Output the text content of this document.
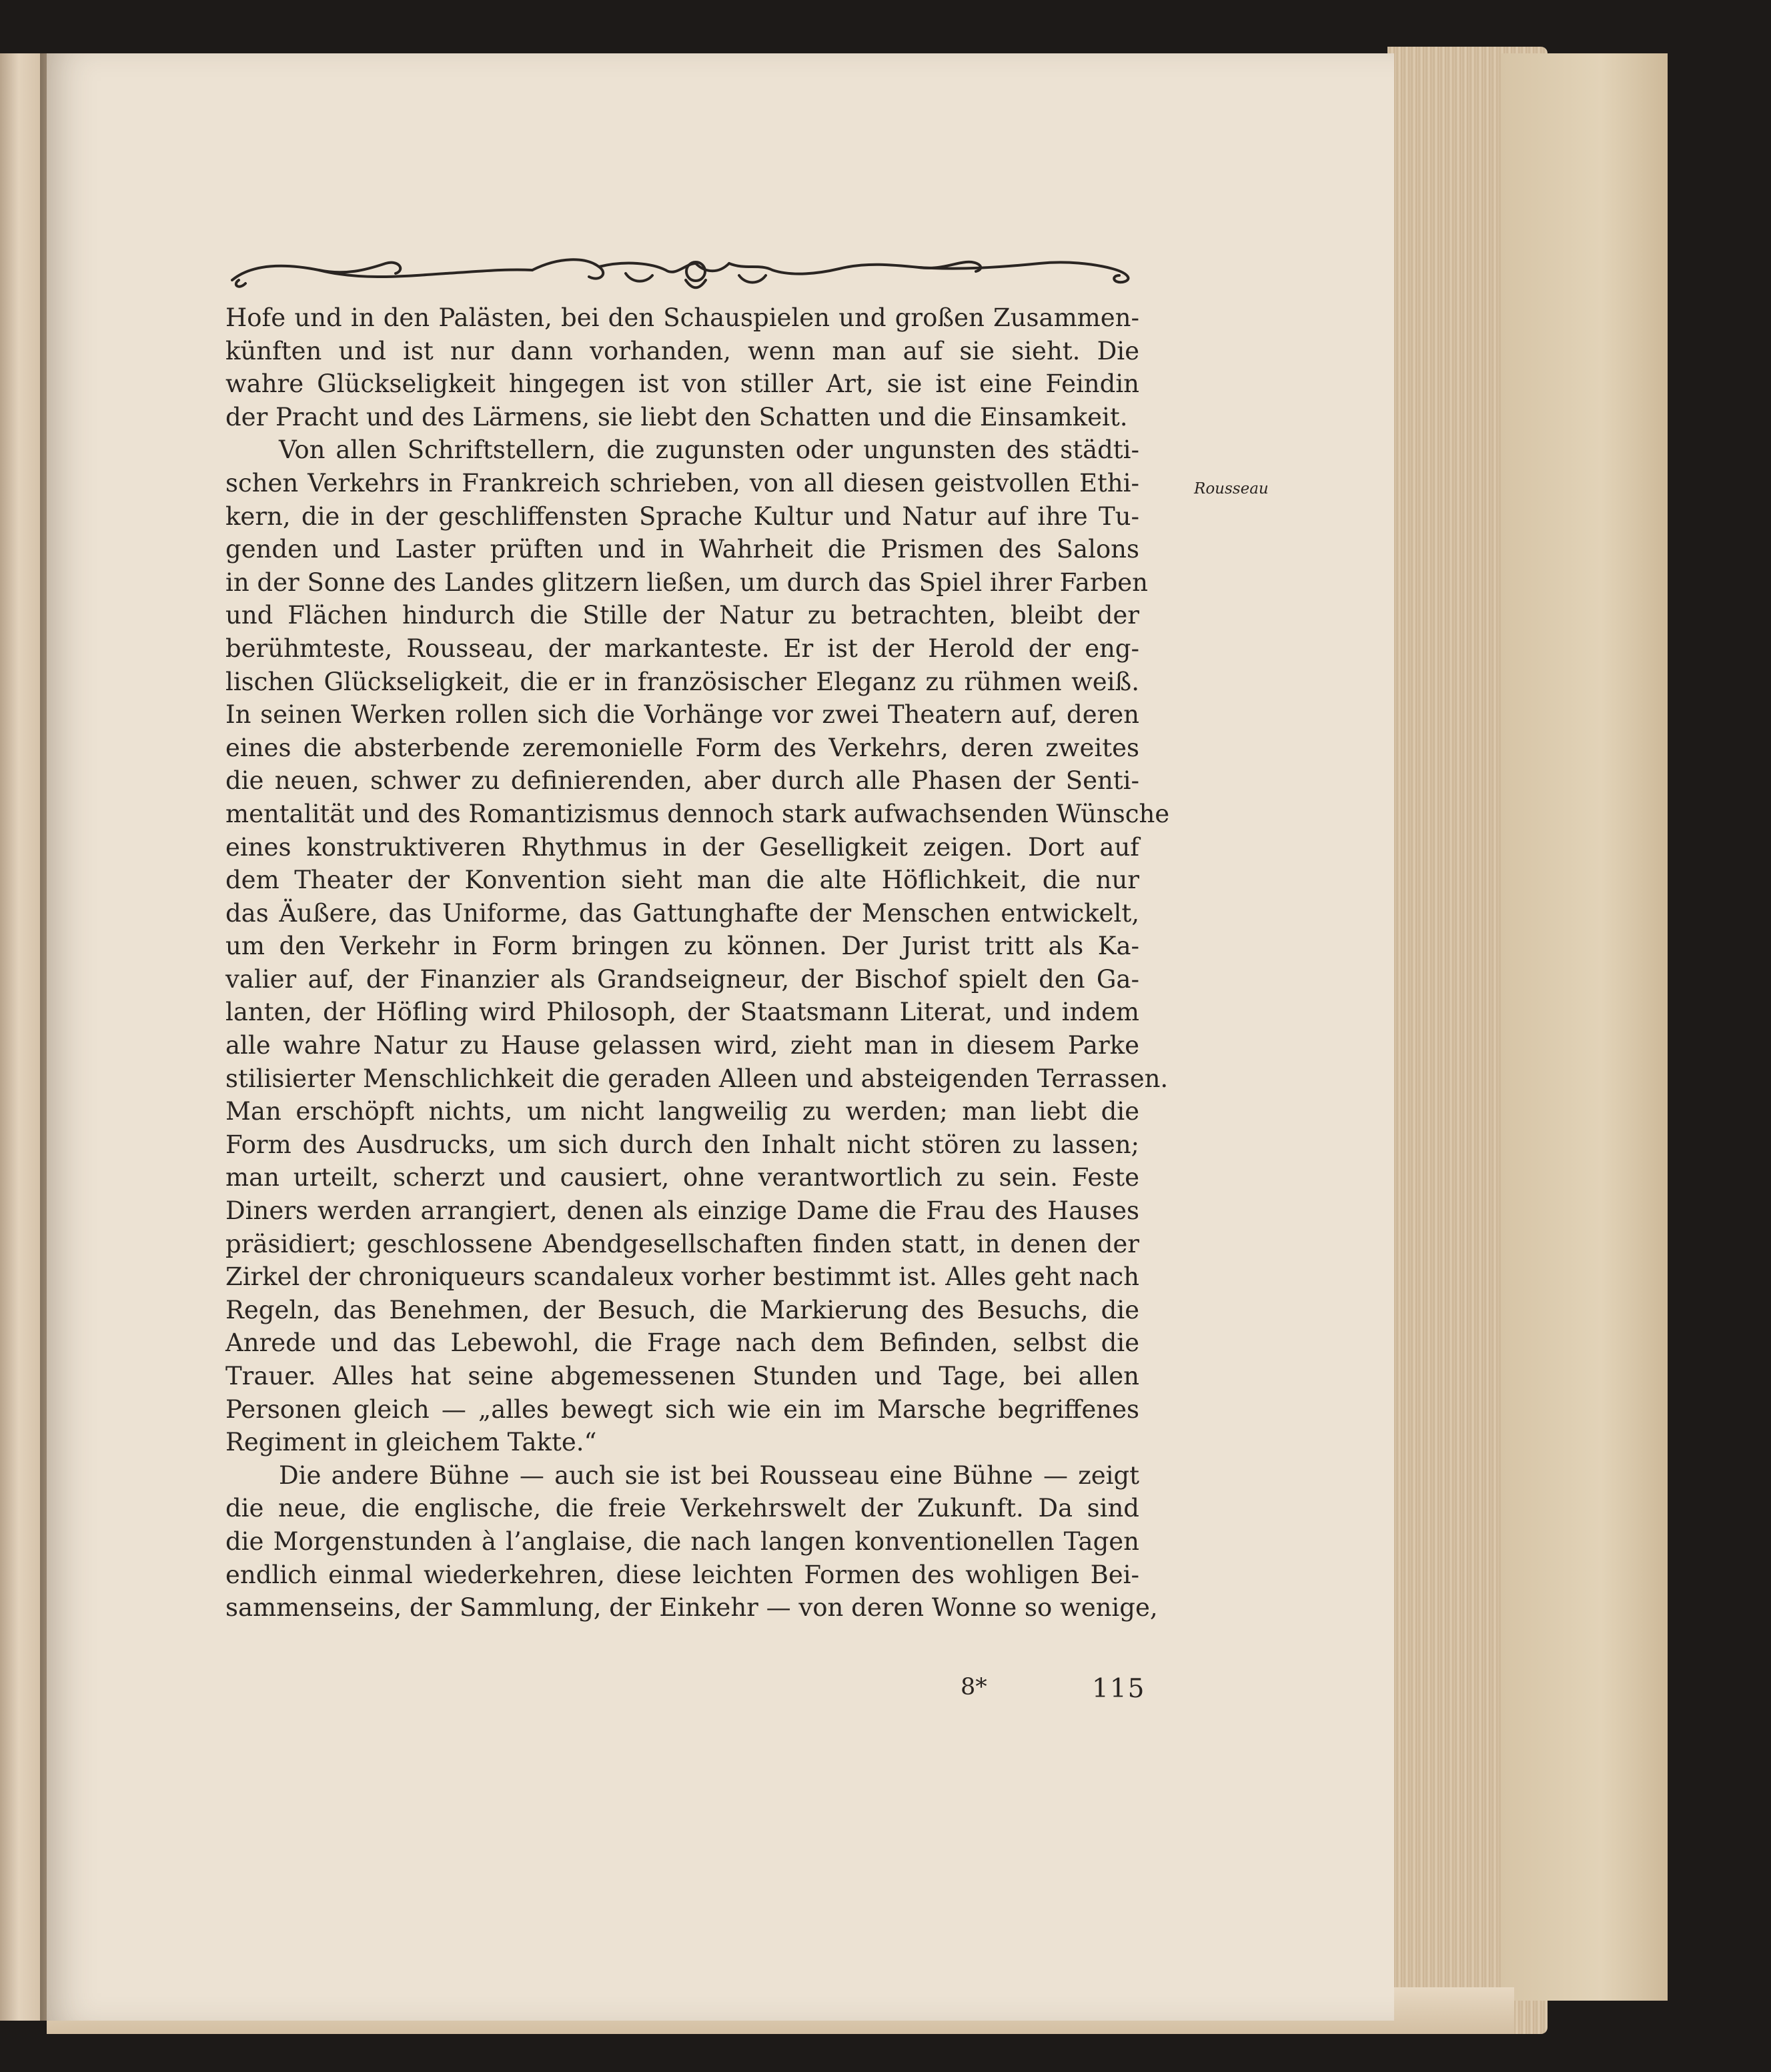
Hofe und in den Palästen, bei den Schauspielen und großen Zusammen-
künften und ist nur dann vorhanden, wenn man auf sie sieht. Die
wahre Glückseligkeit hingegen ist von stiller Art, sie ist eine Feindin
der Pracht und des Lärmens, sie liebt den Schatten und die Einsamkeit.
Von allen Schriftstellern, die zugunsten oder ungunsten des städti-
schen Verkehrs in Frankreich schrieben, von all diesen geistvollen Ethi-
kern, die in der geschliffensten Sprache Kultur und Natur auf ihre Tu-
genden und Laster prüften und in Wahrheit die Prismen des Salons
in der Sonne des Landes glitzern ließen, um durch das Spiel ihrer Farben
und Flächen hindurch die Stille der Natur zu betrachten, bleibt der
berühmteste, Rousseau, der markanteste. Er ist der Herold der eng-
lischen Glückseligkeit, die er in französischer Eleganz zu rühmen weiß.
In seinen Werken rollen sich die Vorhänge vor zwei Theatern auf, deren
eines die absterbende zeremonielle Form des Verkehrs, deren zweites
die neuen, schwer zu definierenden, aber durch alle Phasen der Senti-
mentalität und des Romantizismus dennoch stark aufwachsenden Wünsche
eines konstruktiveren Rhythmus in der Geselligkeit zeigen. Dort auf
dem Theater der Konvention sieht man die alte Höflichkeit, die nur
das Äußere, das Uniforme, das Gattunghafte der Menschen entwickelt,
um den Verkehr in Form bringen zu können. Der Jurist tritt als Ka-
valier auf, der Finanzier als Grandseigneur, der Bischof spielt den Ga-
lanten, der Höfling wird Philosoph, der Staatsmann Literat, und indem
alle wahre Natur zu Hause gelassen wird, zieht man in diesem Parke
stilisierter Menschlichkeit die geraden Alleen und absteigenden Terrassen.
Man erschöpft nichts, um nicht langweilig zu werden; man liebt die
Form des Ausdrucks, um sich durch den Inhalt nicht stören zu lassen;
man urteilt, scherzt und causiert, ohne verantwortlich zu sein. Feste
Diners werden arrangiert, denen als einzige Dame die Frau des Hauses
präsidiert; geschlossene Abendgesellschaften finden statt, in denen der
Zirkel der chroniqueurs scandaleux vorher bestimmt ist. Alles geht nach
Regeln, das Benehmen, der Besuch, die Markierung des Besuchs, die
Anrede und das Lebewohl, die Frage nach dem Befinden, selbst die
Trauer. Alles hat seine abgemessenen Stunden und Tage, bei allen
Personen gleich — „alles bewegt sich wie ein im Marsche begriffenes
Regiment in gleichem Takte.“
Die andere Bühne — auch sie ist bei Rousseau eine Bühne — zeigt
die neue, die englische, die freie Verkehrswelt der Zukunft. Da sind
die Morgenstunden à l’anglaise, die nach langen konventionellen Tagen
endlich einmal wiederkehren, diese leichten Formen des wohligen Bei-
sammenseins, der Sammlung, der Einkehr — von deren Wonne so wenige,
Rousseau
8*	115
